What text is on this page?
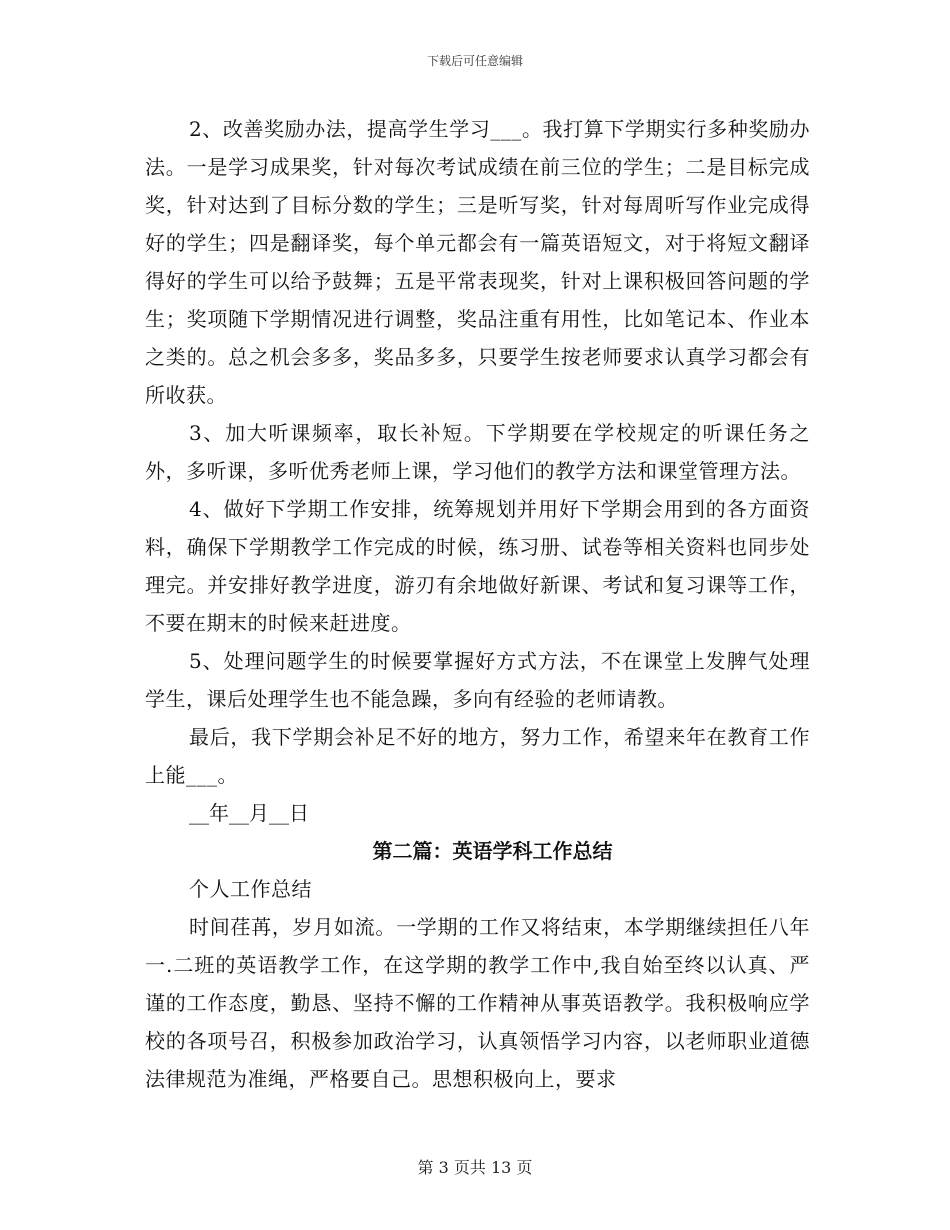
下载后可任意编辑

2、改善奖励办法，提高学生学习___。我打算下学期实行多种奖励办法。一是学习成果奖，针对每次考试成绩在前三位的学生；二是目标完成奖，针对达到了目标分数的学生；三是听写奖，针对每周听写作业完成得好的学生；四是翻译奖，每个单元都会有一篇英语短文，对于将短文翻译得好的学生可以给予鼓舞；五是平常表现奖，针对上课积极回答问题的学生；奖项随下学期情况进行调整，奖品注重有用性，比如笔记本、作业本之类的。总之机会多多，奖品多多，只要学生按老师要求认真学习都会有所收获。

3、加大听课频率，取长补短。下学期要在学校规定的听课任务之外，多听课，多听优秀老师上课，学习他们的教学方法和课堂管理方法。

4、做好下学期工作安排，统筹规划并用好下学期会用到的各方面资料，确保下学期教学工作完成的时候，练习册、试卷等相关资料也同步处理完。并安排好教学进度，游刃有余地做好新课、考试和复习课等工作，不要在期末的时候来赶进度。

5、处理问题学生的时候要掌握好方式方法，不在课堂上发脾气处理学生，课后处理学生也不能急躁，多向有经验的老师请教。

最后，我下学期会补足不好的地方，努力工作，希望来年在教育工作上能___。

__年__月__日

第二篇：英语学科工作总结

个人工作总结

时间荏苒，岁月如流。一学期的工作又将结束，本学期继续担任八年一.二班的英语教学工作，在这学期的教学工作中,我自始至终以认真、严谨的工作态度，勤恳、坚持不懈的工作精神从事英语教学。我积极响应学校的各项号召，积极参加政治学习，认真领悟学习内容，以老师职业道德法律规范为准绳，严格要自己。思想积极向上，要求

第 3 页共 13 页
